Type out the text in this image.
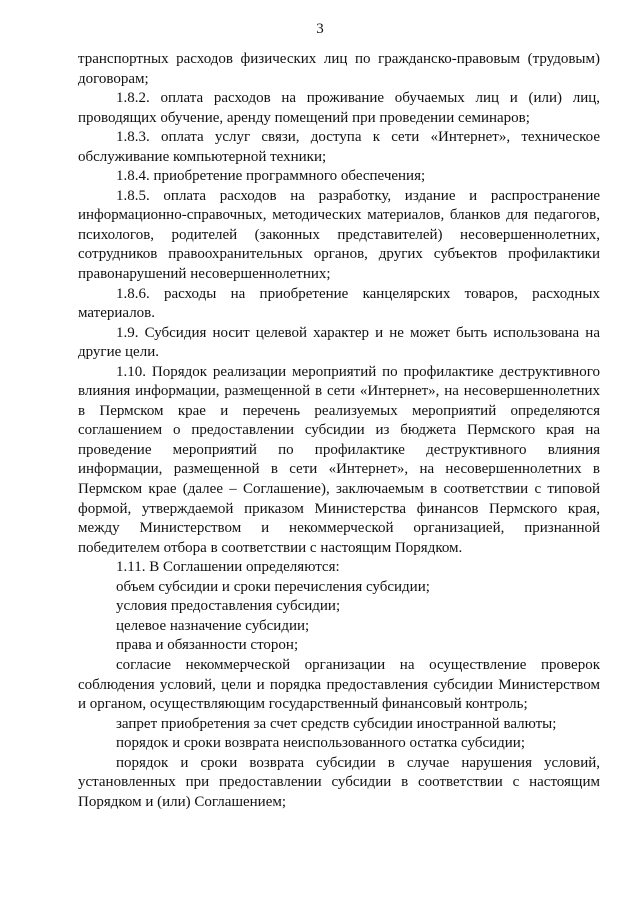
3

транспортных расходов физических лиц по гражданско-правовым (трудовым) договорам;

1.8.2. оплата расходов на проживание обучаемых лиц и (или) лиц, проводящих обучение, аренду помещений при проведении семинаров;

1.8.3. оплата услуг связи, доступа к сети «Интернет», техническое обслуживание компьютерной техники;

1.8.4. приобретение программного обеспечения;

1.8.5. оплата расходов на разработку, издание и распространение информационно-справочных, методических материалов, бланков для педагогов, психологов, родителей (законных представителей) несовершеннолетних, сотрудников правоохранительных органов, других субъектов профилактики правонарушений несовершеннолетних;

1.8.6. расходы на приобретение канцелярских товаров, расходных материалов.

1.9. Субсидия носит целевой характер и не может быть использована на другие цели.

1.10. Порядок реализации мероприятий по профилактике деструктивного влияния информации, размещенной в сети «Интернет», на несовершеннолетних в Пермском крае и перечень реализуемых мероприятий определяются соглашением о предоставлении субсидии из бюджета Пермского края на проведение мероприятий по профилактике деструктивного влияния информации, размещенной в сети «Интернет», на несовершеннолетних в Пермском крае (далее – Соглашение), заключаемым в соответствии с типовой формой, утверждаемой приказом Министерства финансов Пермского края, между Министерством и некоммерческой организацией, признанной победителем отбора в соответствии с настоящим Порядком.

1.11. В Соглашении определяются:

объем субсидии и сроки перечисления субсидии;

условия предоставления субсидии;

целевое назначение субсидии;

права и обязанности сторон;

согласие некоммерческой организации на осуществление проверок соблюдения условий, цели и порядка предоставления субсидии Министерством и органом, осуществляющим государственный финансовый контроль;

запрет приобретения за счет средств субсидии иностранной валюты;

порядок и сроки возврата неиспользованного остатка субсидии;

порядок и сроки возврата субсидии в случае нарушения условий, установленных при предоставлении субсидии в соответствии с настоящим Порядком и (или) Соглашением;
